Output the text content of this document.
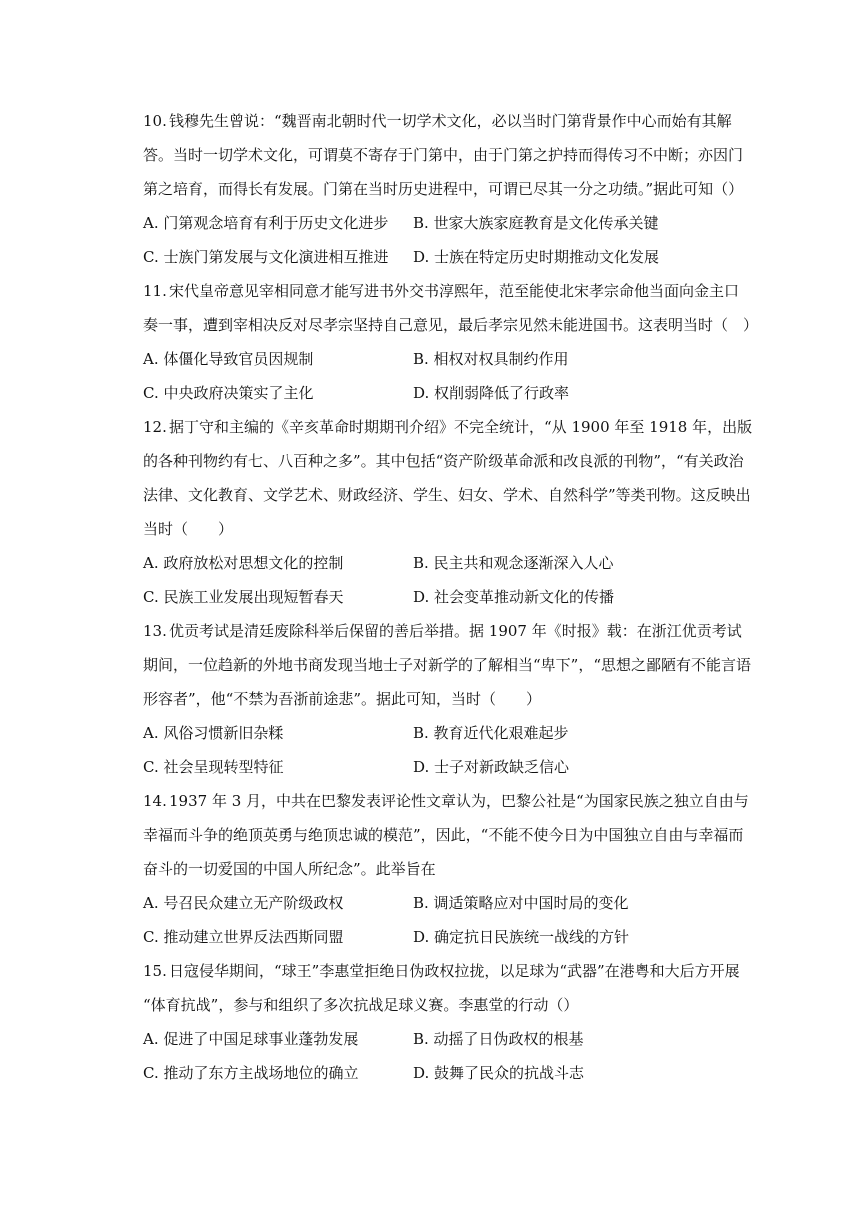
10. 钱穆先生曾说：“魏晋南北朝时代一切学术文化，必以当时门第背景作中心而始有其解
答。当时一切学术文化，可谓莫不寄存于门第中，由于门第之护持而得传习不中断；亦因门
第之培育，而得长有发展。门第在当时历史进程中，可谓已尽其一分之功绩。”据此可知（）
A. 门第观念培育有利于历史文化进步 B. 世家大族家庭教育是文化传承关键
C. 士族门第发展与文化演进相互推进 D. 士族在特定历史时期推动文化发展
11. 宋代皇帝意见宰相同意才能写进书外交书淳熙年，范至能使北宋孝宗命他当面向金主口
奏一事，遭到宰相决反对尽孝宗坚持自己意见，最后孝宗见然未能进国书。这表明当时（　）
A. 体僵化导致官员因规制	B. 相权对权具制约作用
C. 中央政府决策实了主化	D. 权削弱降低了行政率
12. 据丁守和主编的《辛亥革命时期期刊介绍》不完全统计，“从 1900 年至 1918 年，出版
的各种刊物约有七、八百种之多”。其中包括“资产阶级革命派和改良派的刊物”，“有关政治
法律、文化教育、文学艺术、财政经济、学生、妇女、学术、自然科学”等类刊物。这反映出
当时（　　）
A. 政府放松对思想文化的控制	B. 民主共和观念逐渐深入人心
C. 民族工业发展出现短暂春天	D. 社会变革推动新文化的传播
13. 优贡考试是清廷废除科举后保留的善后举措。据 1907 年《时报》载：在浙江优贡考试
期间，一位趋新的外地书商发现当地士子对新学的了解相当“卑下”，“思想之鄙陋有不能言语
形容者”，他“不禁为吾浙前途悲”。据此可知，当时（　　）
A. 风俗习惯新旧杂糅	B. 教育近代化艰难起步
C. 社会呈现转型特征	D. 士子对新政缺乏信心
14. 1937 年 3 月，中共在巴黎发表评论性文章认为，巴黎公社是“为国家民族之独立自由与
幸福而斗争的绝顶英勇与绝顶忠诚的模范”，因此，“不能不使今日为中国独立自由与幸福而
奋斗的一切爱国的中国人所纪念”。此举旨在
A. 号召民众建立无产阶级政权	B. 调适策略应对中国时局的变化
C. 推动建立世界反法西斯同盟	D. 确定抗日民族统一战线的方针
15. 日寇侵华期间，“球王”李惠堂拒绝日伪政权拉拢，以足球为“武器”在港粤和大后方开展
“体育抗战”，参与和组织了多次抗战足球义赛。李惠堂的行动（）
A. 促进了中国足球事业蓬勃发展	B. 动摇了日伪政权的根基
C. 推动了东方主战场地位的确立	D. 鼓舞了民众的抗战斗志
